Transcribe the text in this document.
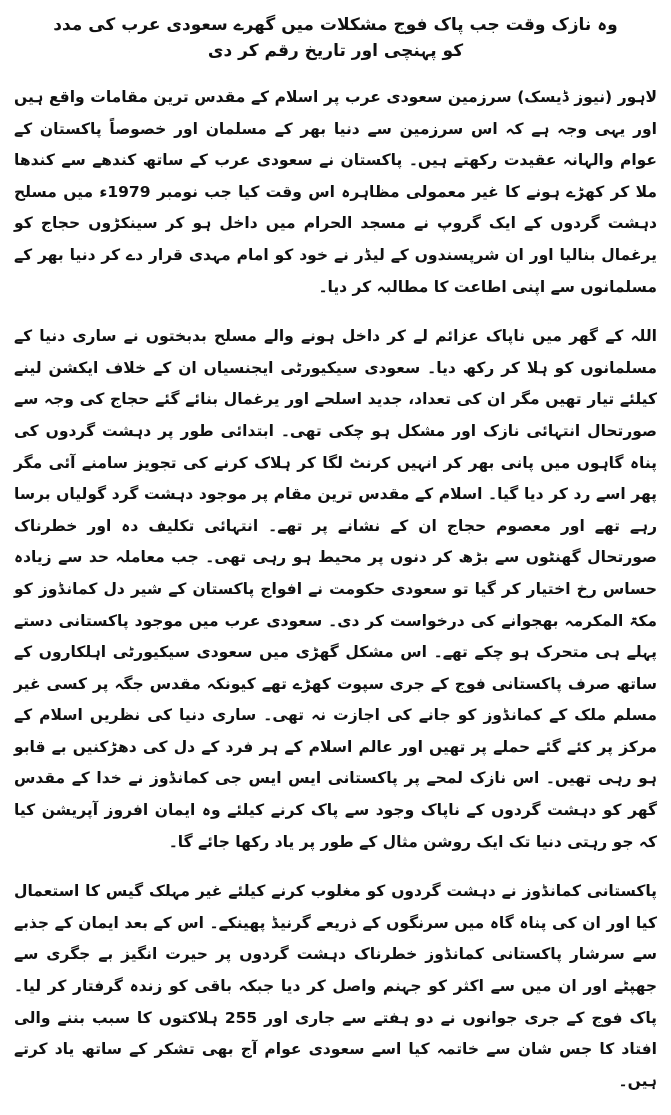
وہ نازک وقت جب پاک فوج مشکلات میں گھرے سعودی عرب کی مدد کو پہنچی اور تاریخ رقم کر دی

لاہور (نیوز ڈیسک) سرزمین سعودی عرب پر اسلام کے مقدس ترین مقامات واقع ہیں اور یہی وجہ ہے کہ اس سرزمین سے دنیا بھر کے مسلمان اور خصوصاً پاکستان کے عوام والہانہ عقیدت رکھتے ہیں۔ پاکستان نے سعودی عرب کے ساتھ کندھے سے کندھا ملا کر کھڑے ہونے کا غیر معمولی مظاہرہ اس وقت کیا جب نومبر 1979ء میں مسلح دہشت گردوں کے ایک گروپ نے مسجد الحرام میں داخل ہو کر سینکڑوں حجاج کو یرغمال بنالیا اور ان شرپسندوں کے لیڈر نے خود کو امام مہدی قرار دے کر دنیا بھر کے مسلمانوں سے اپنی اطاعت کا مطالبہ کر دیا۔

اللہ کے گھر میں ناپاک عزائم لے کر داخل ہونے والے مسلح بدبختوں نے ساری دنیا کے مسلمانوں کو ہلا کر رکھ دیا۔ سعودی سیکیورٹی ایجنسیاں ان کے خلاف ایکشن لینے کیلئے تیار تھیں مگر ان کی تعداد، جدید اسلحے اور یرغمال بنائے گئے حجاج کی وجہ سے صورتحال انتہائی نازک اور مشکل ہو چکی تھی۔ ابتدائی طور پر دہشت گردوں کی پناہ گاہوں میں پانی بھر کر انہیں کرنٹ لگا کر ہلاک کرنے کی تجویز سامنے آئی مگر پھر اسے رد کر دیا گیا۔ اسلام کے مقدس ترین مقام پر موجود دہشت گرد گولیاں برسا رہے تھے اور معصوم حجاج ان کے نشانے پر تھے۔ انتہائی تکلیف دہ اور خطرناک صورتحال گھنٹوں سے بڑھ کر دنوں پر محیط ہو رہی تھی۔ جب معاملہ حد سے زیادہ حساس رخ اختیار کر گیا تو سعودی حکومت نے افواج پاکستان کے شیر دل کمانڈوز کو مکۃ المکرمہ بھجوانے کی درخواست کر دی۔ سعودی عرب میں موجود پاکستانی دستے پہلے ہی متحرک ہو چکے تھے۔ اس مشکل گھڑی میں سعودی سیکیورٹی اہلکاروں کے ساتھ صرف پاکستانی فوج کے جری سپوت کھڑے تھے کیونکہ مقدس جگہ پر کسی غیر مسلم ملک کے کمانڈوز کو جانے کی اجازت نہ تھی۔ ساری دنیا کی نظریں اسلام کے مرکز پر کئے گئے حملے پر تھیں اور عالم اسلام کے ہر فرد کے دل کی دھڑکنیں بے قابو ہو رہی تھیں۔ اس نازک لمحے پر پاکستانی ایس ایس جی کمانڈوز نے خدا کے مقدس گھر کو دہشت گردوں کے ناپاک وجود سے پاک کرنے کیلئے وہ ایمان افروز آپریشن کیا کہ جو رہتی دنیا تک ایک روشن مثال کے طور پر یاد رکھا جائے گا۔

پاکستانی کمانڈوز نے دہشت گردوں کو مغلوب کرنے کیلئے غیر مہلک گیس کا استعمال کیا اور ان کی پناہ گاہ میں سرنگوں کے ذریعے گرنیڈ پھینکے۔ اس کے بعد ایمان کے جذبے سے سرشار پاکستانی کمانڈوز خطرناک دہشت گردوں پر حیرت انگیز بے جگری سے جھپٹے اور ان میں سے اکثر کو جہنم واصل کر دیا جبکہ باقی کو زندہ گرفتار کر لیا۔ پاک فوج کے جری جوانوں نے دو ہفتے سے جاری اور 255 ہلاکتوں کا سبب بننے والی افتاد کا جس شان سے خاتمہ کیا اسے سعودی عوام آج بھی تشکر کے ساتھ یاد کرتے ہیں۔
